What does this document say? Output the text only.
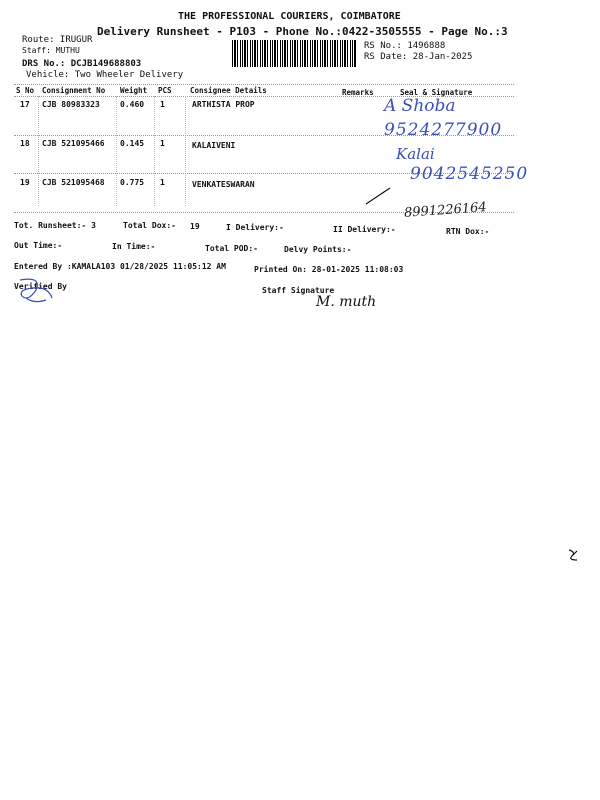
THE PROFESSIONAL COURIERS, COIMBATORE
Delivery Runsheet - P103 - Phone No.:0422-3505555 - Page No.:3
Route: IRUGUR
Staff: MUTHU
DRS No.: DCJB149688803
Vehicle: Two Wheeler Delivery
RS No.: 1496888
RS Date: 28-Jan-2025
S No Consignment No Weight PCS Consignee Details	Remarks	Seal & Signature
17 CJB 80983323	0.460 1	ARTHISTA PROP
18 CJB 521095466 0.145 1	KALAIVENI
19 CJB 521095468 0.775 1	VENKATESWARAN
A Shoba
9524277900
Kalai
9042545250
8991226164
Tot. Runsheet:- 3	Total Dox:- 19	I Delivery:-	II Delivery:-	RTN Dox:-
Out Time:-	In Time:-	Total POD:-	Delvy Points:-
Entered By :KAMALA103 01/28/2025 11:05:12 AM	Printed On: 28-01-2025 11:08:03
Verified By	Staff Signature
M. muth
